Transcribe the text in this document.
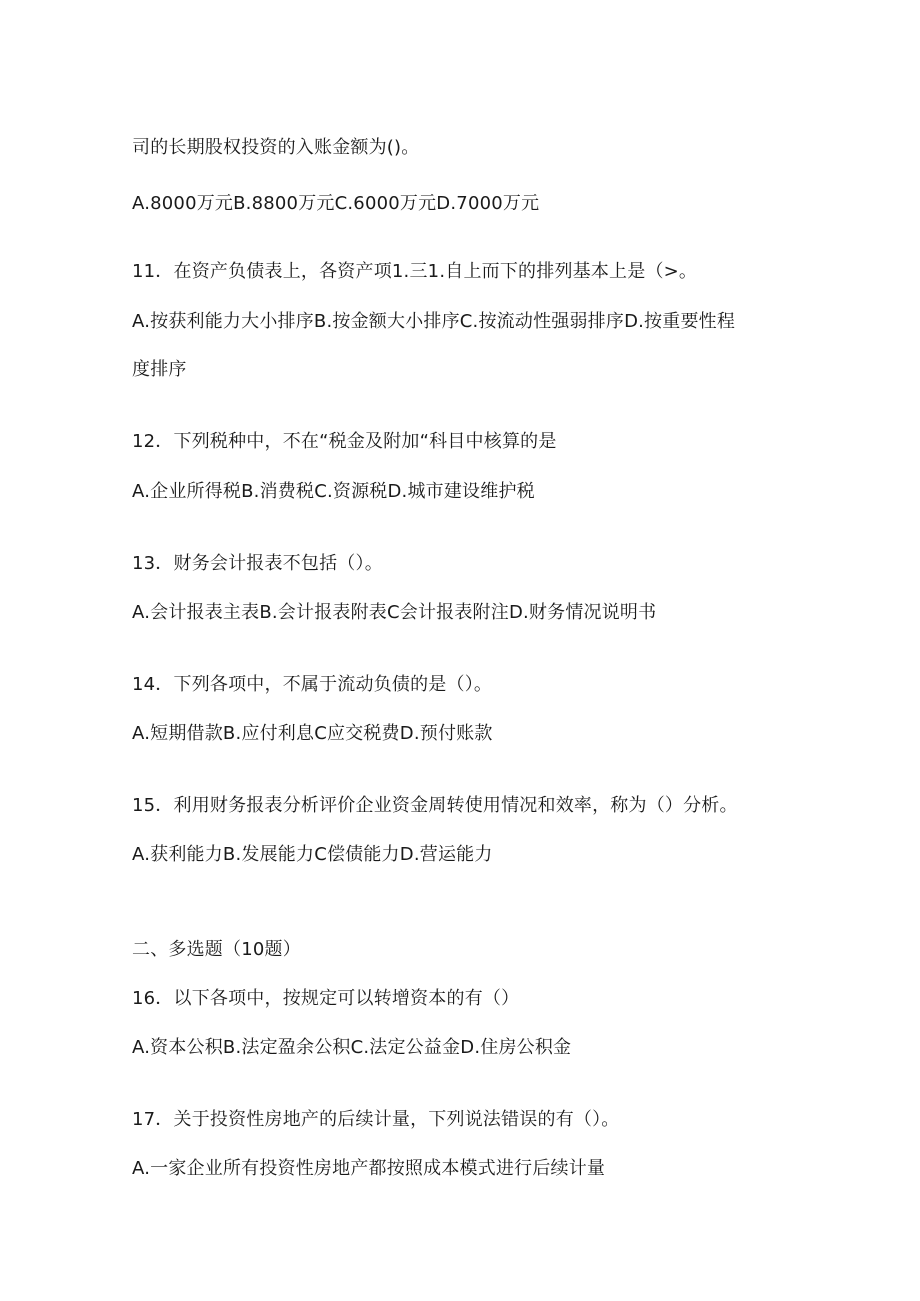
司的长期股权投资的入账金额为()。
A.8000万元B.8800万元C.6000万元D.7000万元
11．在资产负债表上，各资产项1.三1.自上而下的排列基本上是（>。
A.按获利能力大小排序B.按金额大小排序C.按流动性强弱排序D.按重要性程
度排序
12．下列税种中，不在“税金及附加“科目中核算的是
A.企业所得税B.消费税C.资源税D.城市建设维护税
13．财务会计报表不包括（）。
A.会计报表主表B.会计报表附表C会计报表附注D.财务情况说明书
14．下列各项中，不属于流动负债的是（）。
A.短期借款B.应付利息C应交税费D.预付账款
15．利用财务报表分析评价企业资金周转使用情况和效率，称为（）分析。
A.获利能力B.发展能力C偿债能力D.营运能力
二、多选题（10题）
16．以下各项中，按规定可以转增资本的有（）
A.资本公积B.法定盈余公积C.法定公益金D.住房公积金
17．关于投资性房地产的后续计量，下列说法错误的有（）。
A.一家企业所有投资性房地产都按照成本模式进行后续计量
